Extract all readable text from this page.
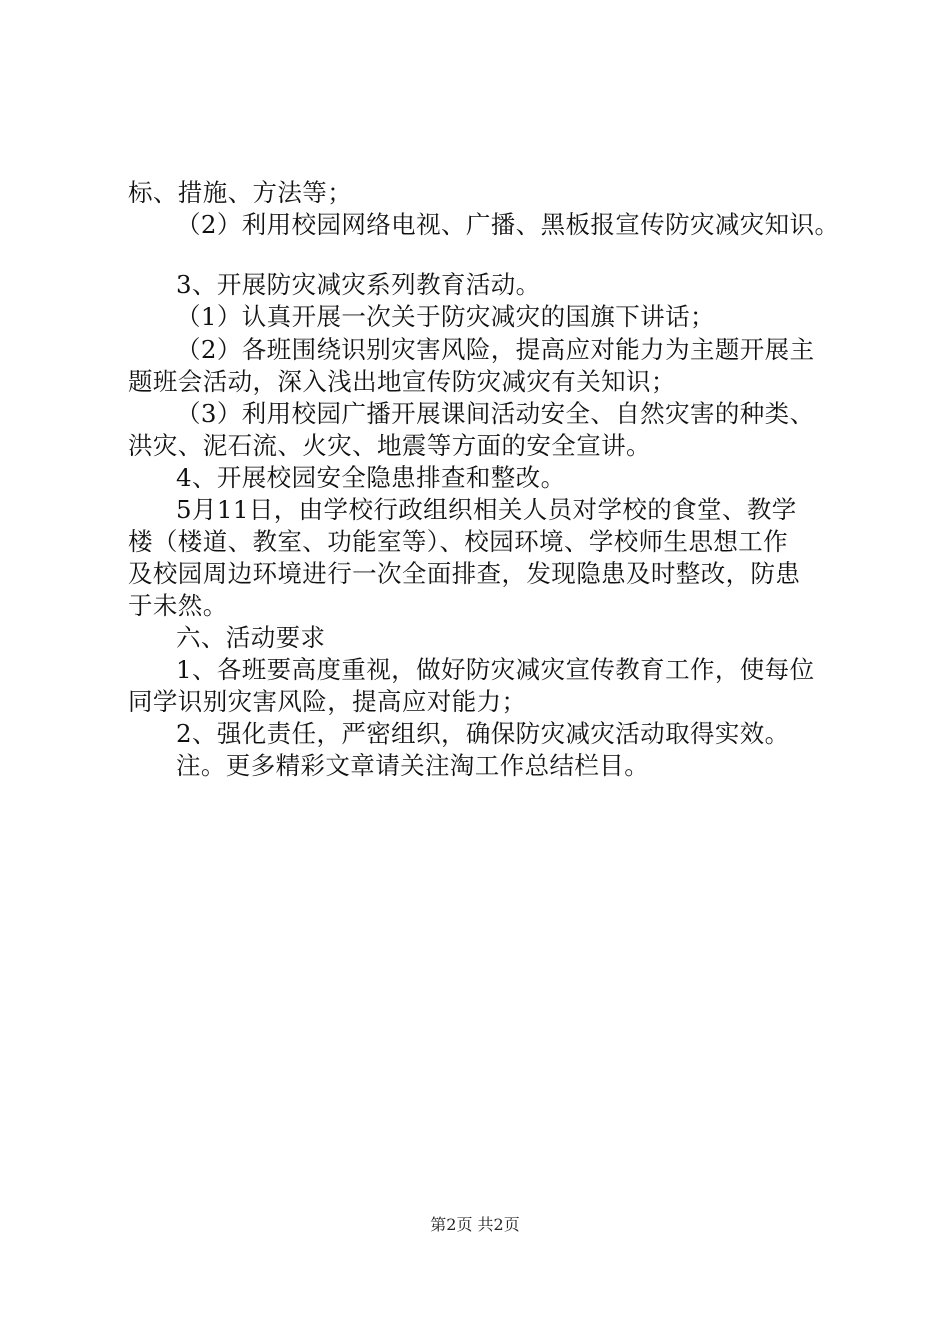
标、措施、方法等；
（2）利用校园网络电视、广播、黑板报宣传防灾减灾知识。
3、开展防灾减灾系列教育活动。
（1）认真开展一次关于防灾减灾的国旗下讲话；
（2）各班围绕识别灾害风险，提高应对能力为主题开展主
题班会活动，深入浅出地宣传防灾减灾有关知识；
（3）利用校园广播开展课间活动安全、自然灾害的种类、
洪灾、泥石流、火灾、地震等方面的安全宣讲。
4、开展校园安全隐患排查和整改。
5月11日，由学校行政组织相关人员对学校的食堂、教学
楼（楼道、教室、功能室等）、校园环境、学校师生思想工作
及校园周边环境进行一次全面排查，发现隐患及时整改，防患
于未然。
六、活动要求
1、各班要高度重视，做好防灾减灾宣传教育工作，使每位
同学识别灾害风险，提高应对能力；
2、强化责任，严密组织，确保防灾减灾活动取得实效。
注。更多精彩文章请关注淘工作总结栏目。
第2页 共2页
